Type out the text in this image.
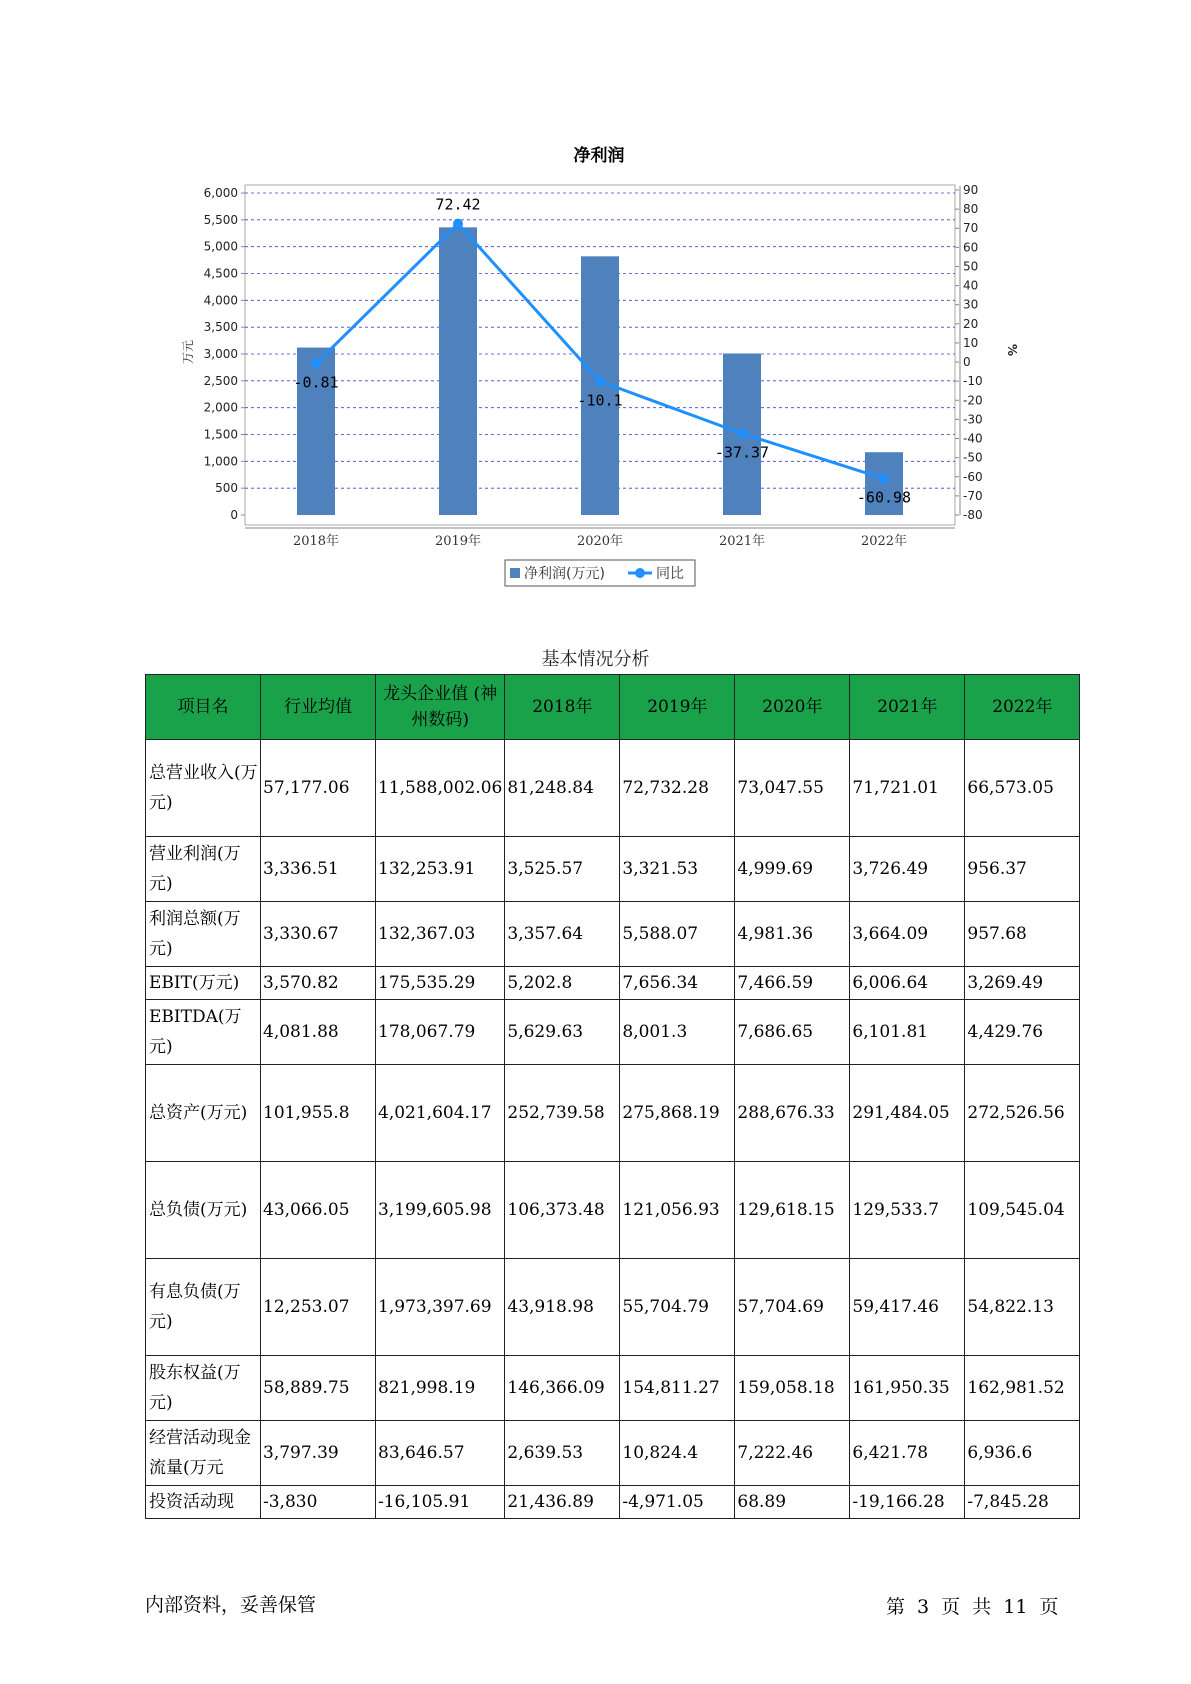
净利润
0
500
1,000
1,500
2,000
2,500
3,000
3,500
4,000
4,500
5,000
5,500
6,000
-80
-70
-60
-50
-40
-30
-20
-10
0
10
20
30
40
50
60
70
80
90
万元	%
2018年	2019年	2020年	2021年	2022年
-0.81
72.42
-10.1
-37.37
-60.98
净利润(万元)	同比
基本情况分析
项目名	行业均值	龙头企业值 (神州数码)	2018年	2019年	2020年	2021年	2022年
总营业收入(万元)	57,177.06	11,588,002.06	81,248.84	72,732.28	73,047.55	71,721.01	66,573.05
营业利润(万元)	3,336.51	132,253.91	3,525.57	3,321.53	4,999.69	3,726.49	956.37
利润总额(万元)	3,330.67	132,367.03	3,357.64	5,588.07	4,981.36	3,664.09	957.68
EBIT(万元)	3,570.82	175,535.29	5,202.8	7,656.34	7,466.59	6,006.64	3,269.49
EBITDA(万元)	4,081.88	178,067.79	5,629.63	8,001.3	7,686.65	6,101.81	4,429.76
总资产(万元)	101,955.8	4,021,604.17	252,739.58	275,868.19	288,676.33	291,484.05	272,526.56
总负债(万元)	43,066.05	3,199,605.98	106,373.48	121,056.93	129,618.15	129,533.7	109,545.04
有息负债(万元)	12,253.07	1,973,397.69	43,918.98	55,704.79	57,704.69	59,417.46	54,822.13
股东权益(万元)	58,889.75	821,998.19	146,366.09	154,811.27	159,058.18	161,950.35	162,981.52
经营活动现金流量(万元	3,797.39	83,646.57	2,639.53	10,824.4	7,222.46	6,421.78	6,936.6
投资活动现	-3,830	-16,105.91	21,436.89	-4,971.05	68.89	-19,166.28	-7,845.28
内部资料，妥善保管	第 3 页 共 11 页
